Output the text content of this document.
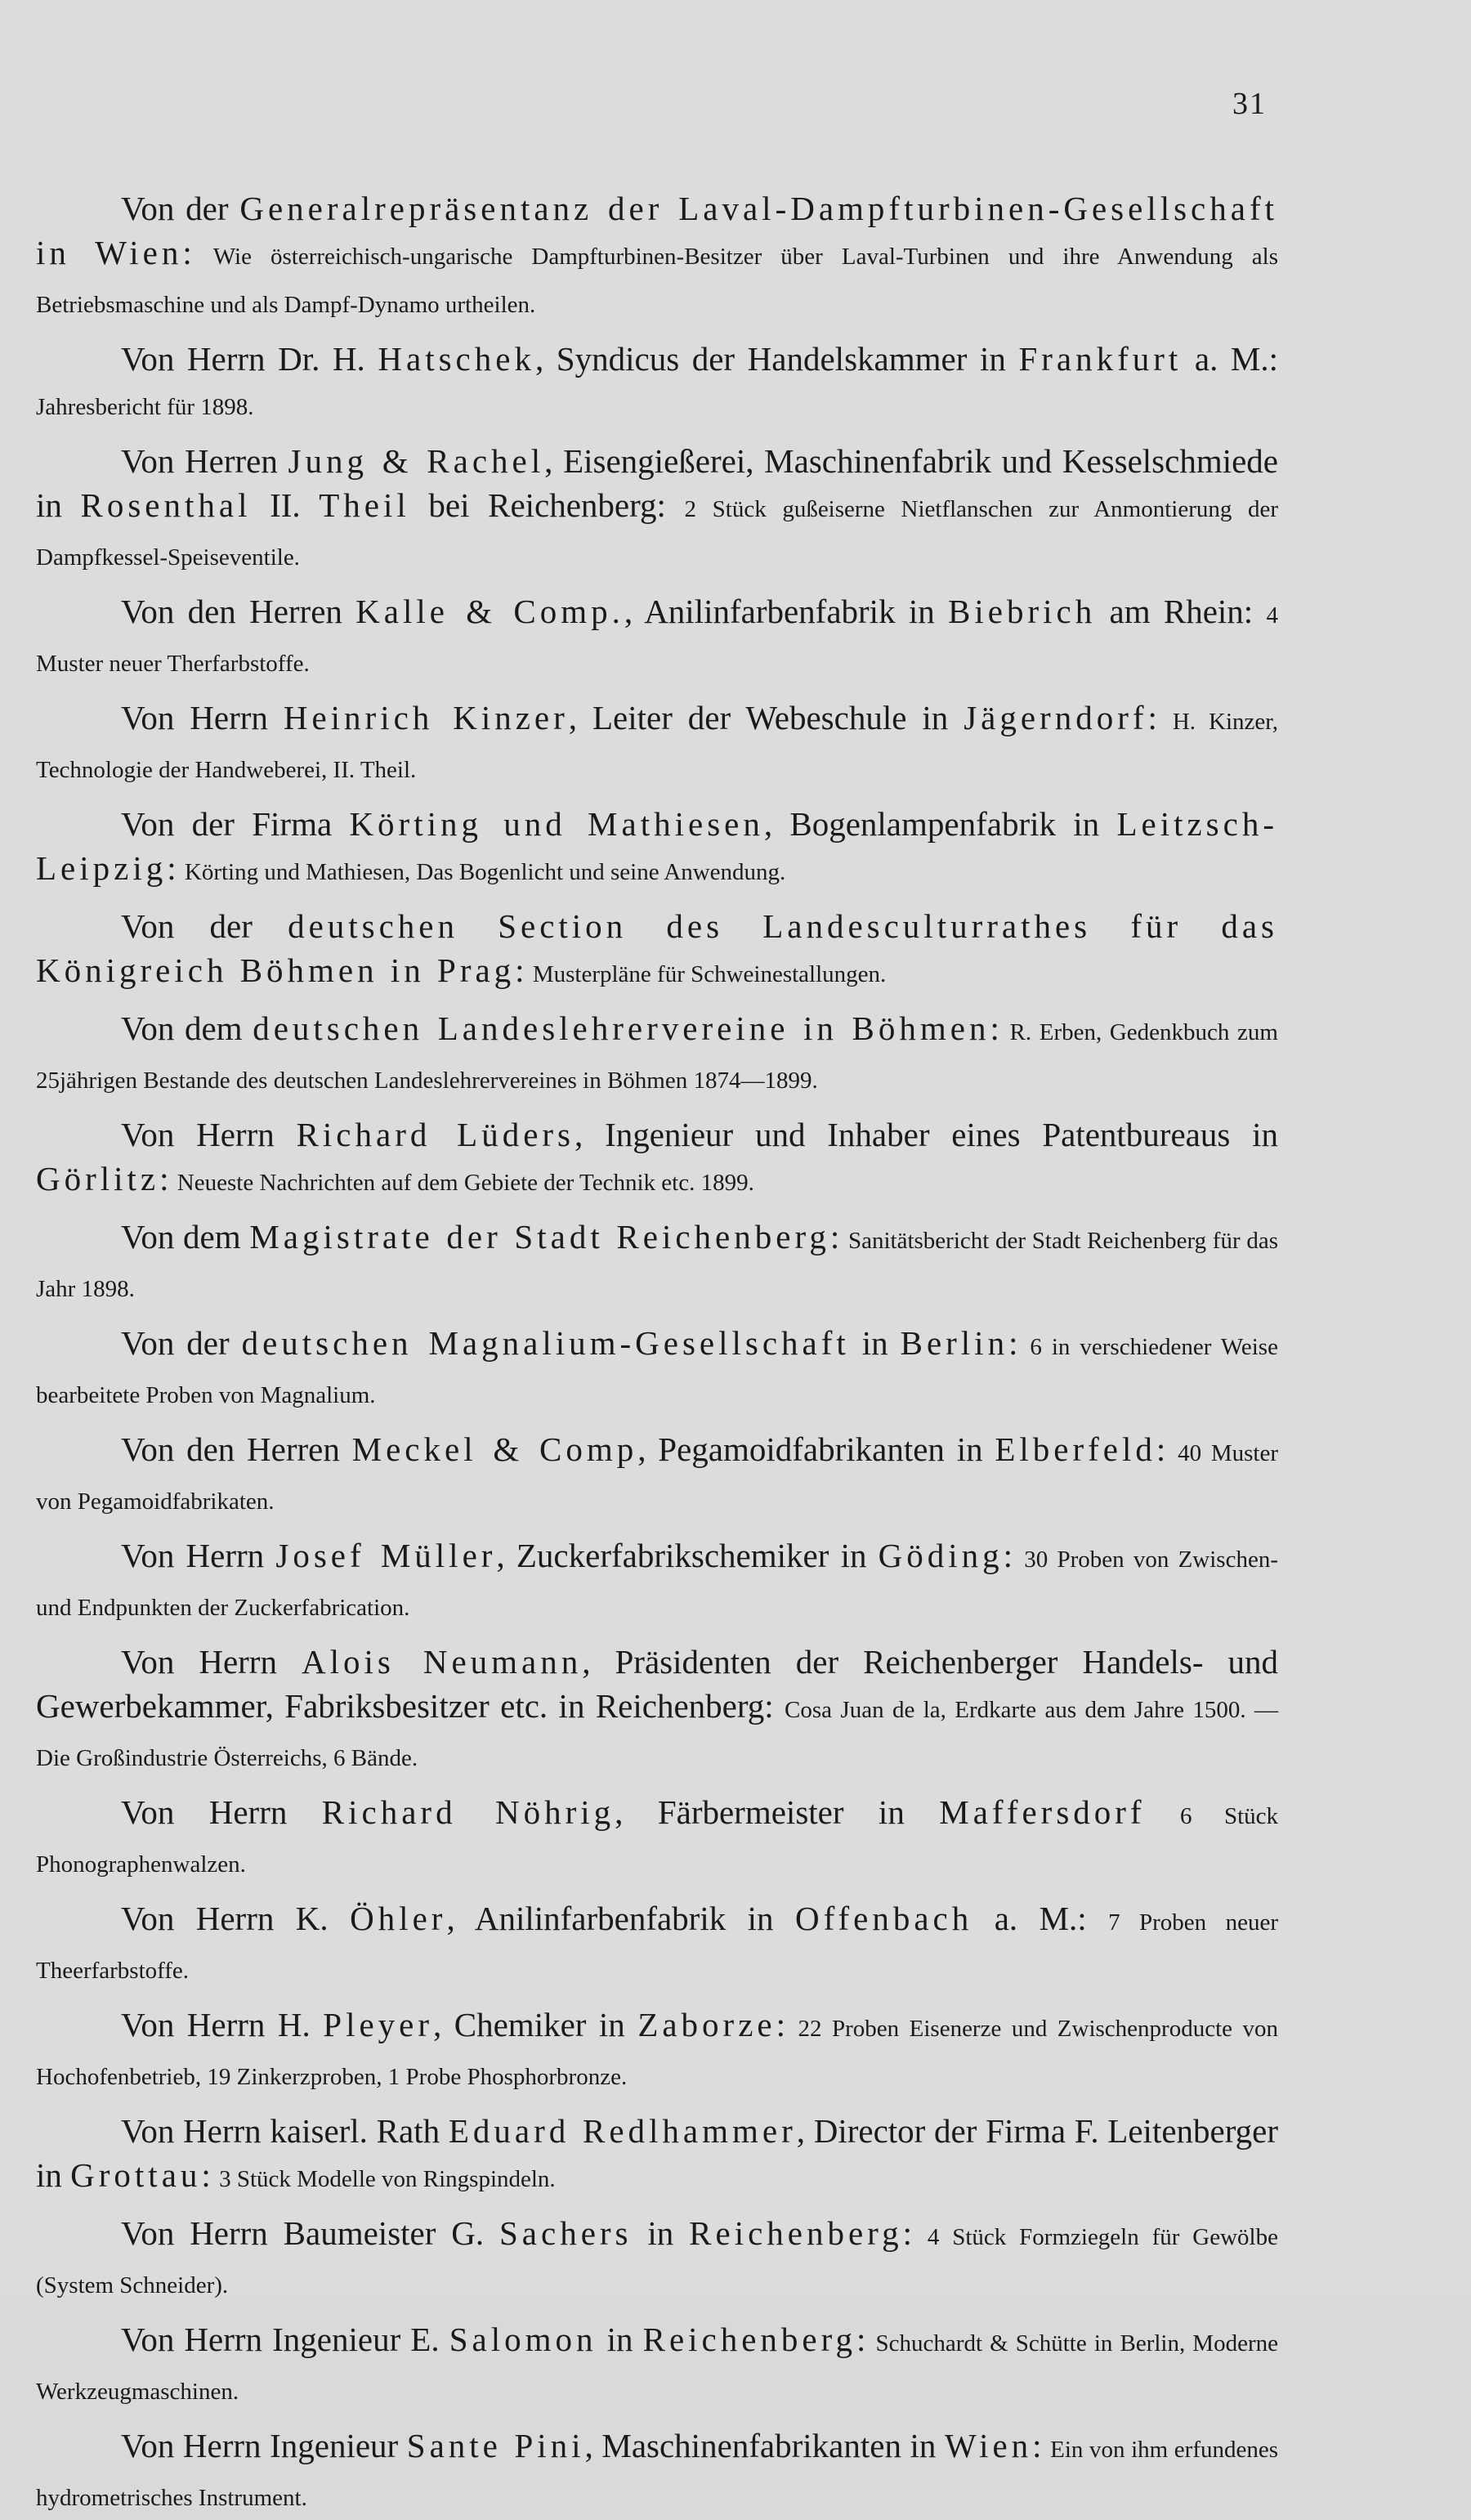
31

Von der Generalrepräsentanz der Laval-Dampfturbinen-Gesellschaft in Wien: Wie österreichisch-ungarische Dampfturbinen-Besitzer über Laval-Turbinen und ihre Anwendung als Betriebsmaschine und als Dampf-Dynamo urtheilen.

Von Herrn Dr. H. Hatschek, Syndicus der Handelskammer in Frankfurt a. M.: Jahresbericht für 1898.

Von Herren Jung & Rachel, Eisengießerei, Maschinenfabrik und Kesselschmiede in Rosenthal II. Theil bei Reichenberg: 2 Stück gußeiserne Nietflanschen zur Anmontierung der Dampfkessel-Speiseventile.

Von den Herren Kalle & Comp., Anilinfarbenfabrik in Biebrich am Rhein: 4 Muster neuer Therfarbstoffe.

Von Herrn Heinrich Kinzer, Leiter der Webeschule in Jägerndorf: H. Kinzer, Technologie der Handweberei, II. Theil.

Von der Firma Körting und Mathiesen, Bogenlampenfabrik in Leitzsch-Leipzig: Körting und Mathiesen, Das Bogenlicht und seine Anwendung.

Von der deutschen Section des Landesculturrathes für das Königreich Böhmen in Prag: Musterpläne für Schweinestallungen.

Von dem deutschen Landeslehrervereine in Böhmen: R. Erben, Gedenkbuch zum 25jährigen Bestande des deutschen Landeslehrervereines in Böhmen 1874—1899.

Von Herrn Richard Lüders, Ingenieur und Inhaber eines Patentbureaus in Görlitz: Neueste Nachrichten auf dem Gebiete der Technik etc. 1899.

Von dem Magistrate der Stadt Reichenberg: Sanitätsbericht der Stadt Reichenberg für das Jahr 1898.

Von der deutschen Magnalium-Gesellschaft in Berlin: 6 in verschiedener Weise bearbeitete Proben von Magnalium.

Von den Herren Meckel & Comp, Pegamoidfabrikanten in Elberfeld: 40 Muster von Pegamoidfabrikaten.

Von Herrn Josef Müller, Zuckerfabrikschemiker in Göding: 30 Proben von Zwischen- und Endpunkten der Zuckerfabrication.

Von Herrn Alois Neumann, Präsidenten der Reichenberger Handels- und Gewerbekammer, Fabriksbesitzer etc. in Reichenberg: Cosa Juan de la, Erdkarte aus dem Jahre 1500. — Die Großindustrie Österreichs, 6 Bände.

Von Herrn Richard Nöhrig, Färbermeister in Maffersdorf 6 Stück Phonographenwalzen.

Von Herrn K. Öhler, Anilinfarbenfabrik in Offenbach a. M.: 7 Proben neuer Theerfarbstoffe.

Von Herrn H. Pleyer, Chemiker in Zaborze: 22 Proben Eisenerze und Zwischenproducte von Hochofenbetrieb, 19 Zinkerzproben, 1 Probe Phosphorbronze.

Von Herrn kaiserl. Rath Eduard Redlhammer, Director der Firma F. Leitenberger in Grottau: 3 Stück Modelle von Ringspindeln.

Von Herrn Baumeister G. Sachers in Reichenberg: 4 Stück Formziegeln für Gewölbe (System Schneider).

Von Herrn Ingenieur E. Salomon in Reichenberg: Schuchardt & Schütte in Berlin, Moderne Werkzeugmaschinen.

Von Herrn Ingenieur Sante Pini, Maschinenfabrikanten in Wien: Ein von ihm erfundenes hydrometrisches Instrument.
